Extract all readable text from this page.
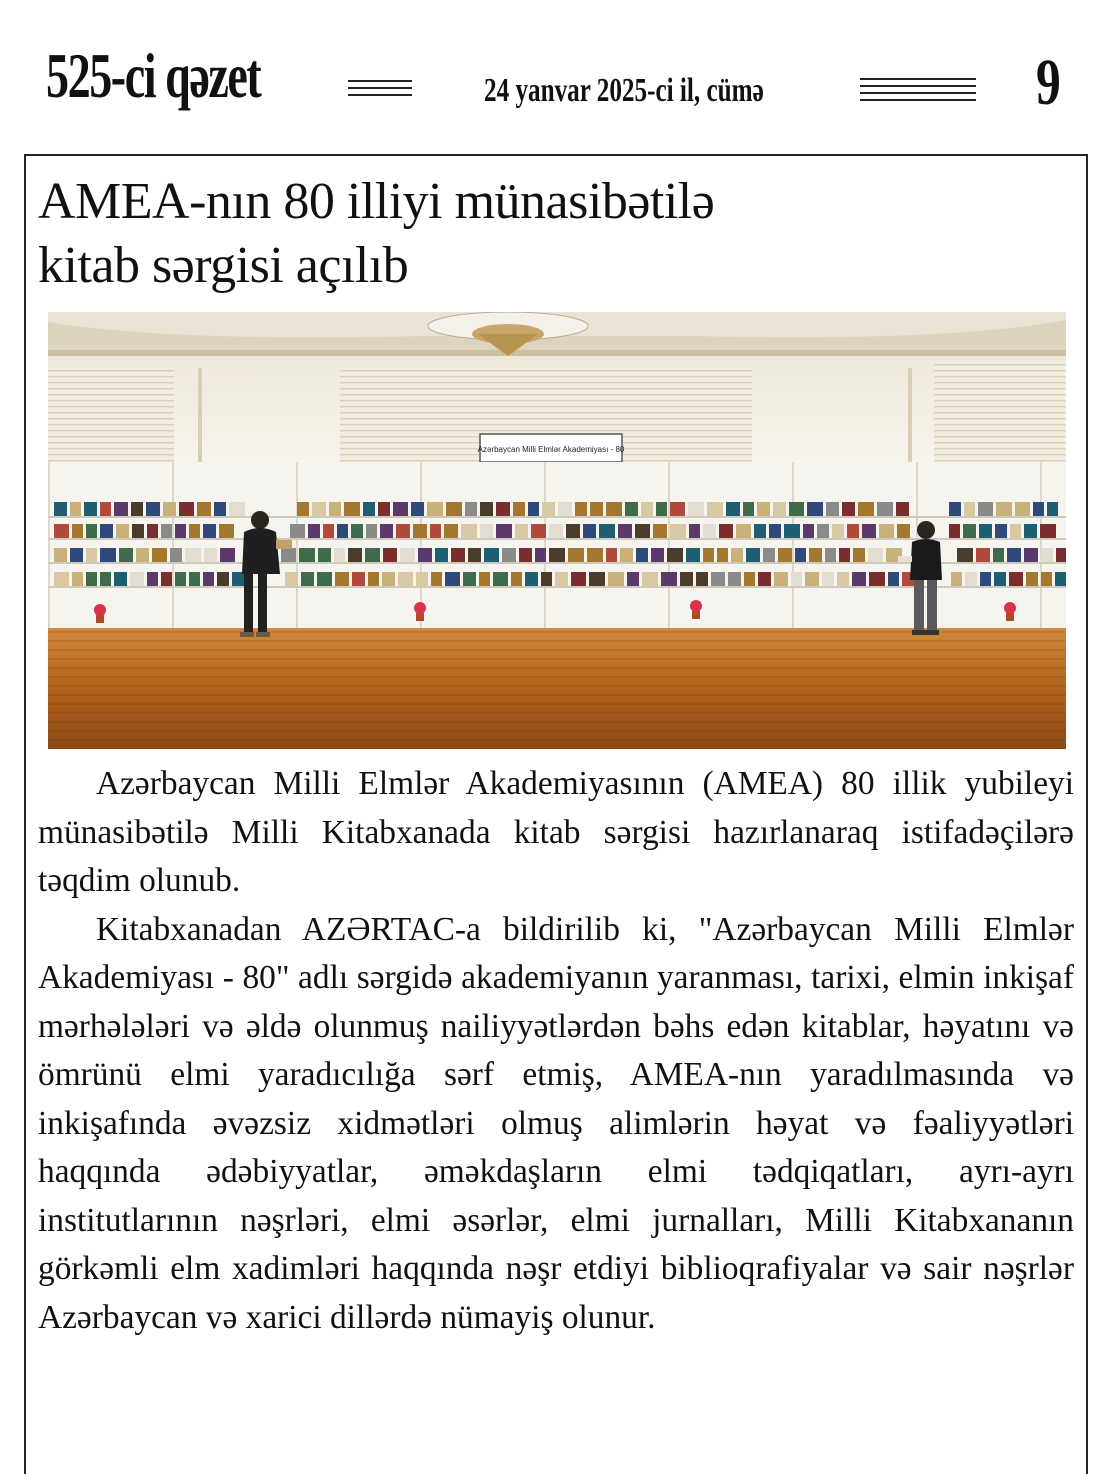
525-ci qəzet	24 yanvar 2025-ci il, cümə	9
AMEA-nın 80 illiyi münasibətilə
kitab sərgisi açılıb
Azərbaycan Milli Elmlər Akademiyası - 80

Azərbaycan Milli Elmlər Akademiyasının (AMEA) 80 illik yubileyi münasibətilə Milli Kitabxanada kitab sərgisi hazırlanaraq istifadəçilərə təqdim olunub.

Kitabxanadan AZƏRTAC-a bildirilib ki, "Azərbaycan Milli Elmlər Akademiyası - 80" adlı sərgidə akademiyanın yaranması, tarixi, elmin inkişaf mərhələləri və əldə olunmuş nailiyyətlərdən bəhs edən kitablar, həyatını və ömrünü elmi yaradıcılığa sərf etmiş, AMEA-nın yaradılmasında və inkişafında əvəzsiz xidmətləri olmuş alimlərin həyat və fəaliyyətləri haqqında ədəbiyyatlar, əməkdaşların elmi tədqiqatları, ayrı-ayrı institutlarının nəşrləri, elmi əsərlər, elmi jurnalları, Milli Kitabxananın görkəmli elm xadimləri haqqında nəşr etdiyi biblioqrafiyalar və sair nəşrlər Azərbaycan və xarici dillərdə nümayiş olunur.
